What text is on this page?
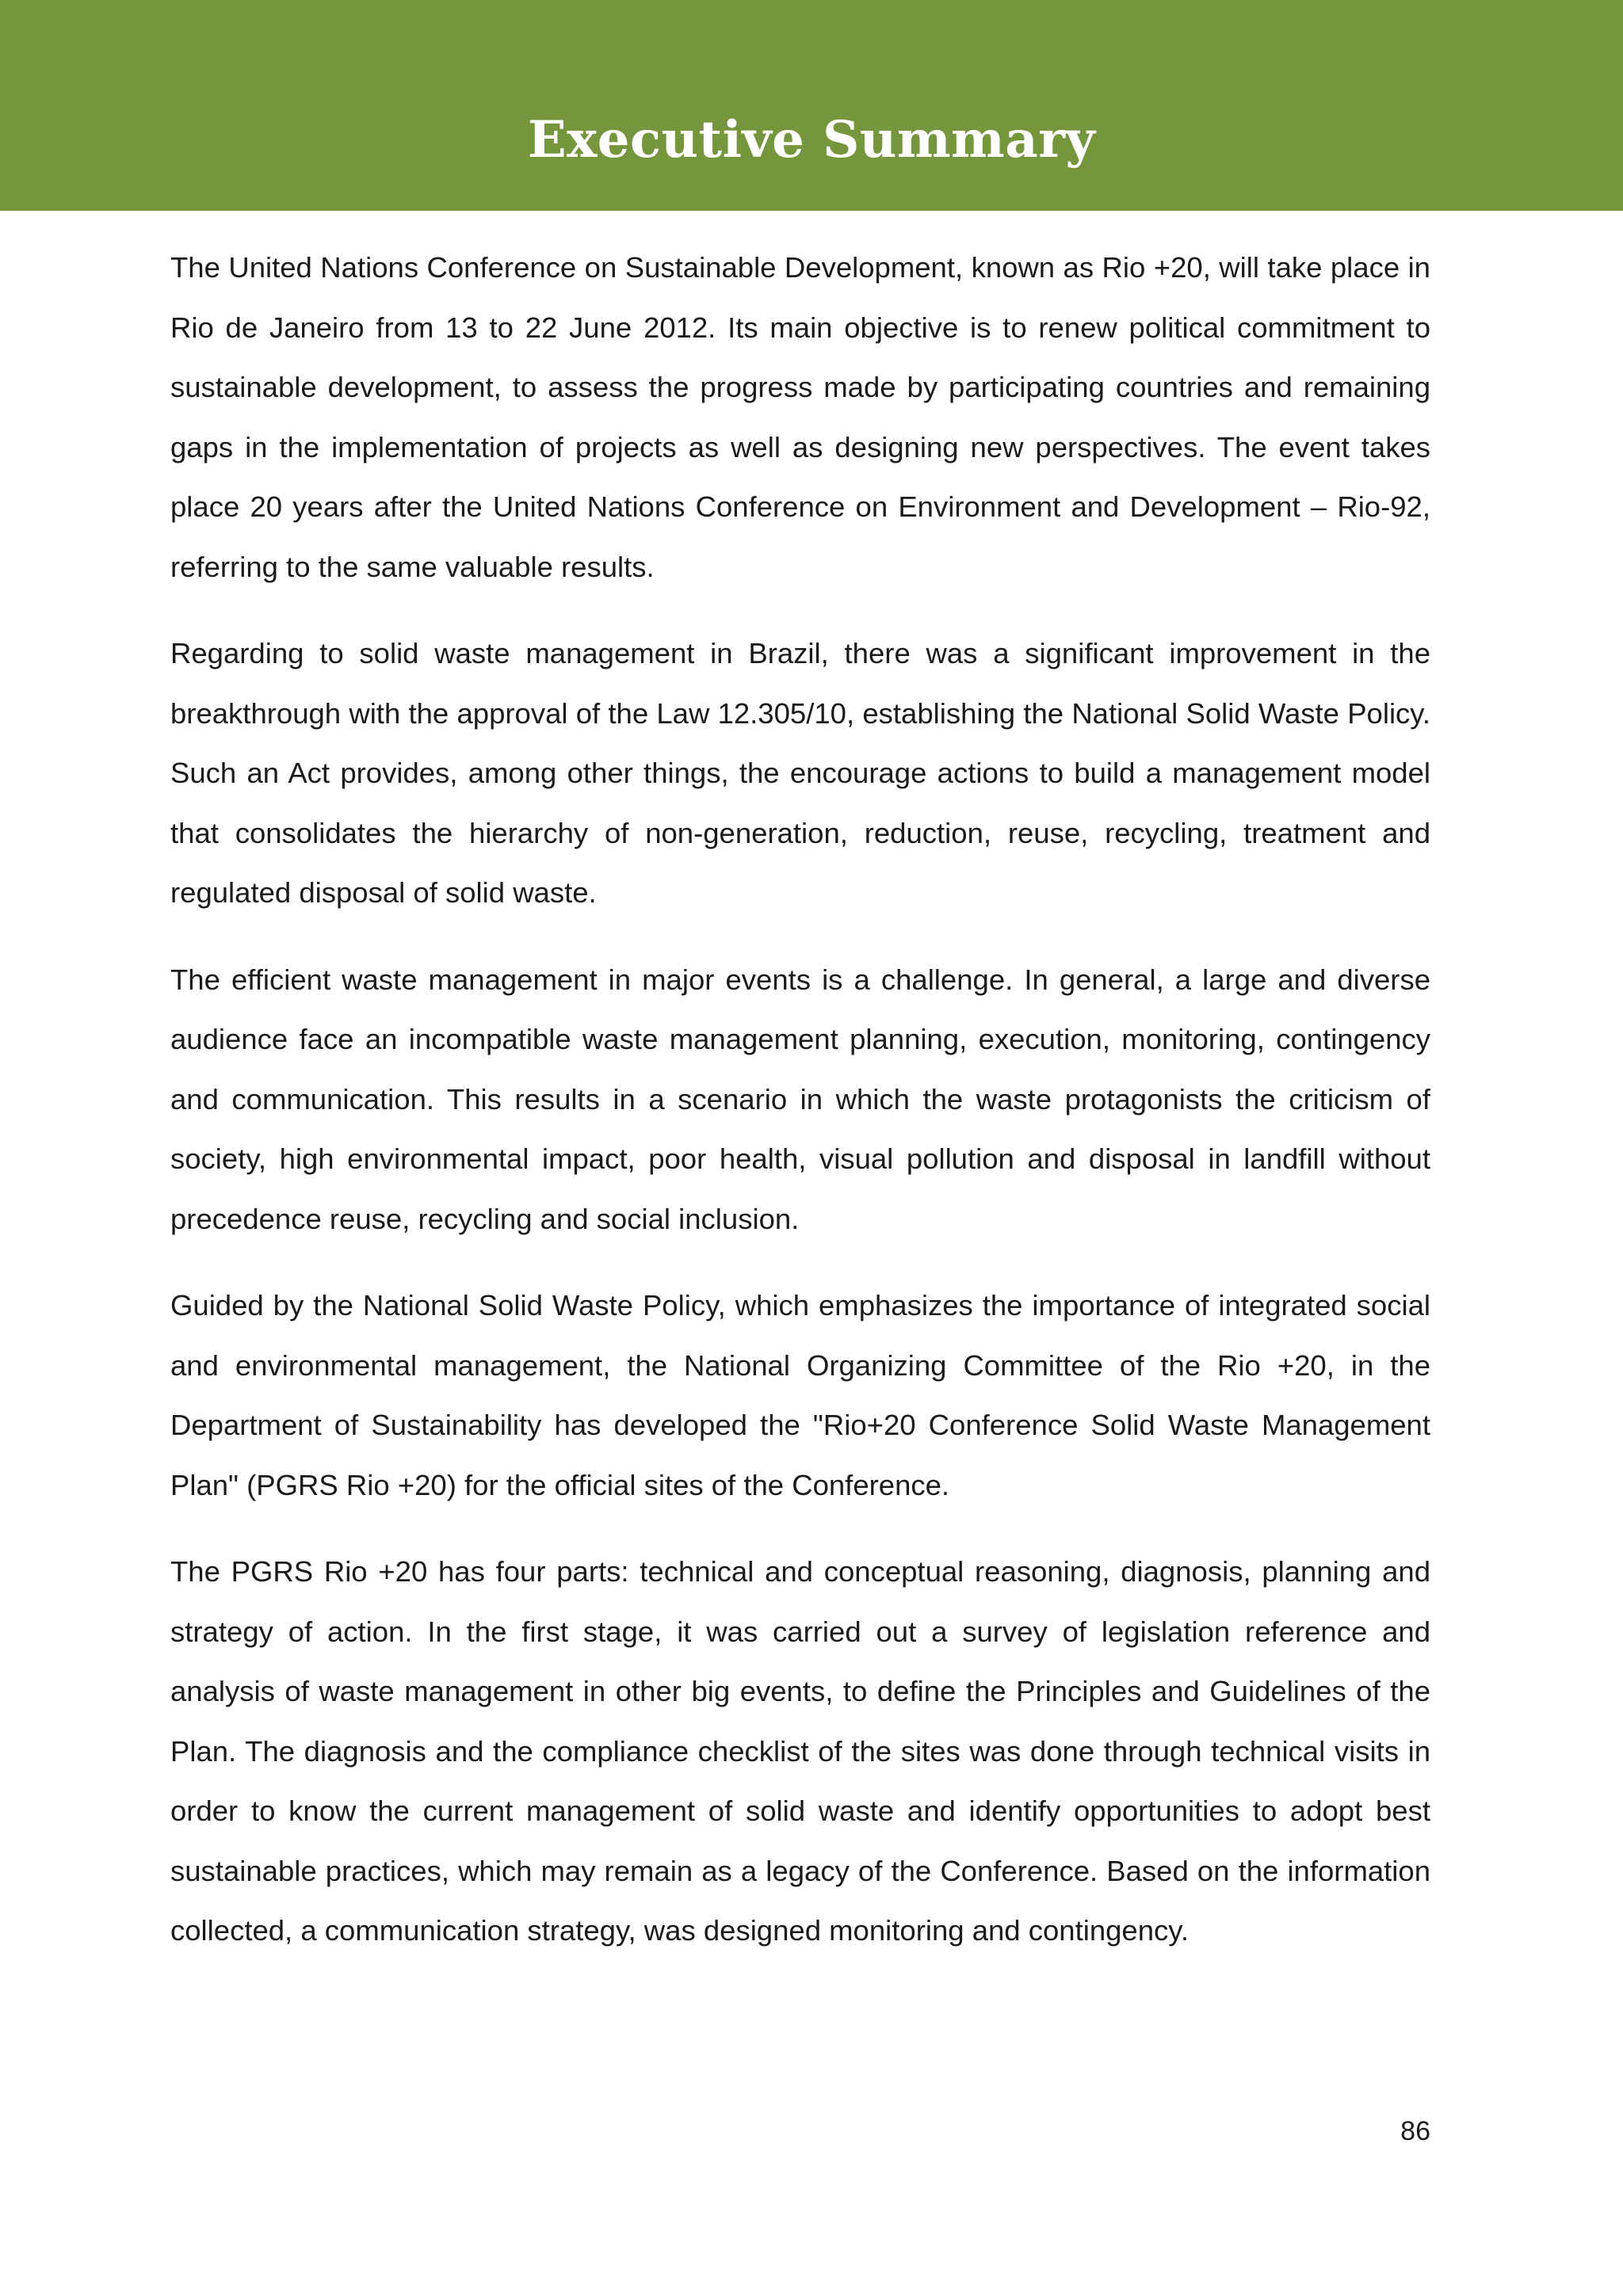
Executive Summary

The United Nations Conference on Sustainable Development, known as Rio +20, will take place in Rio de Janeiro from 13 to 22 June 2012. Its main objective is to renew political commitment to sustainable development, to assess the progress made by participating countries and remaining gaps in the implementation of projects as well as designing new perspectives. The event takes place 20 years after the United Nations Conference on Environment and Development – Rio-92, referring to the same valuable results.

Regarding to solid waste management in Brazil, there was a significant improvement in the breakthrough with the approval of the Law 12.305/10, establishing the National Solid Waste Policy. Such an Act provides, among other things, the encourage actions to build a management model that consolidates the hierarchy of non-generation, reduction, reuse, recycling, treatment and regulated disposal of solid waste.

The efficient waste management in major events is a challenge. In general, a large and diverse audience face an incompatible waste management planning, execution, monitoring, contingency and communication. This results in a scenario in which the waste protagonists the criticism of society, high environmental impact, poor health, visual pollution and disposal in landfill without precedence reuse, recycling and social inclusion.

Guided by the National Solid Waste Policy, which emphasizes the importance of integrated social and environmental management, the National Organizing Committee of the Rio +20, in the Department of Sustainability has developed the "Rio+20 Conference Solid Waste Management Plan" (PGRS Rio +20) for the official sites of the Conference.

The PGRS Rio +20 has four parts: technical and conceptual reasoning, diagnosis, planning and strategy of action. In the first stage, it was carried out a survey of legislation reference and analysis of waste management in other big events, to define the Principles and Guidelines of the Plan. The diagnosis and the compliance checklist of the sites was done through technical visits in order to know the current management of solid waste and identify opportunities to adopt best sustainable practices, which may remain as a legacy of the Conference. Based on the information collected, a communication strategy, was designed monitoring and contingency.

86
